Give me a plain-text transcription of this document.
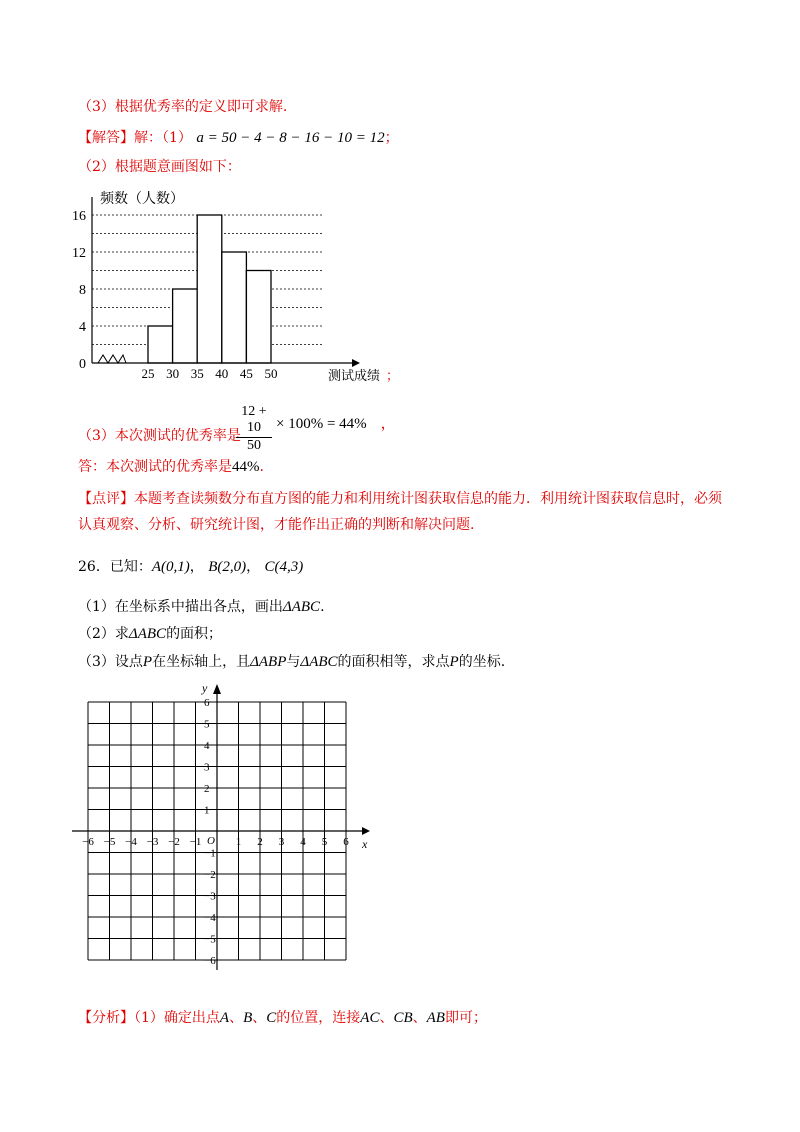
（3）根据优秀率的定义即可求解.
【解答】解：（1） a = 50 − 4 − 8 − 16 − 10 = 12；
（2）根据题意画图如下：
频数（人数）
0
4
8
12
16
25 30 35 40 45 50	测试成绩 ；
（3）本次测试的优秀率是
12 + 10
50
× 100% = 44% ，
答：本次测试的优秀率是44%.
【点评】本题考查读频数分布直方图的能力和利用统计图获取信息的能力．利用统计图获取信息时，必须
认真观察、分析、研究统计图，才能作出正确的判断和解决问题.
26．已知：A(0,1)， B(2,0)， C(4,3)
（1）在坐标系中描出各点，画出ΔABC.
（2）求ΔABC的面积；
（3）设点P在坐标轴上，且ΔABP与ΔABC的面积相等，求点P的坐标.
y
x
O
−6 −5 −4 −3 −2 −1	1 2 3 4 5 6
6
5
4
3
2
1
−1
−2
−3
−4
−5
−6
【分析】（1）确定出点A、B、C的位置，连接AC、CB、AB即可；
